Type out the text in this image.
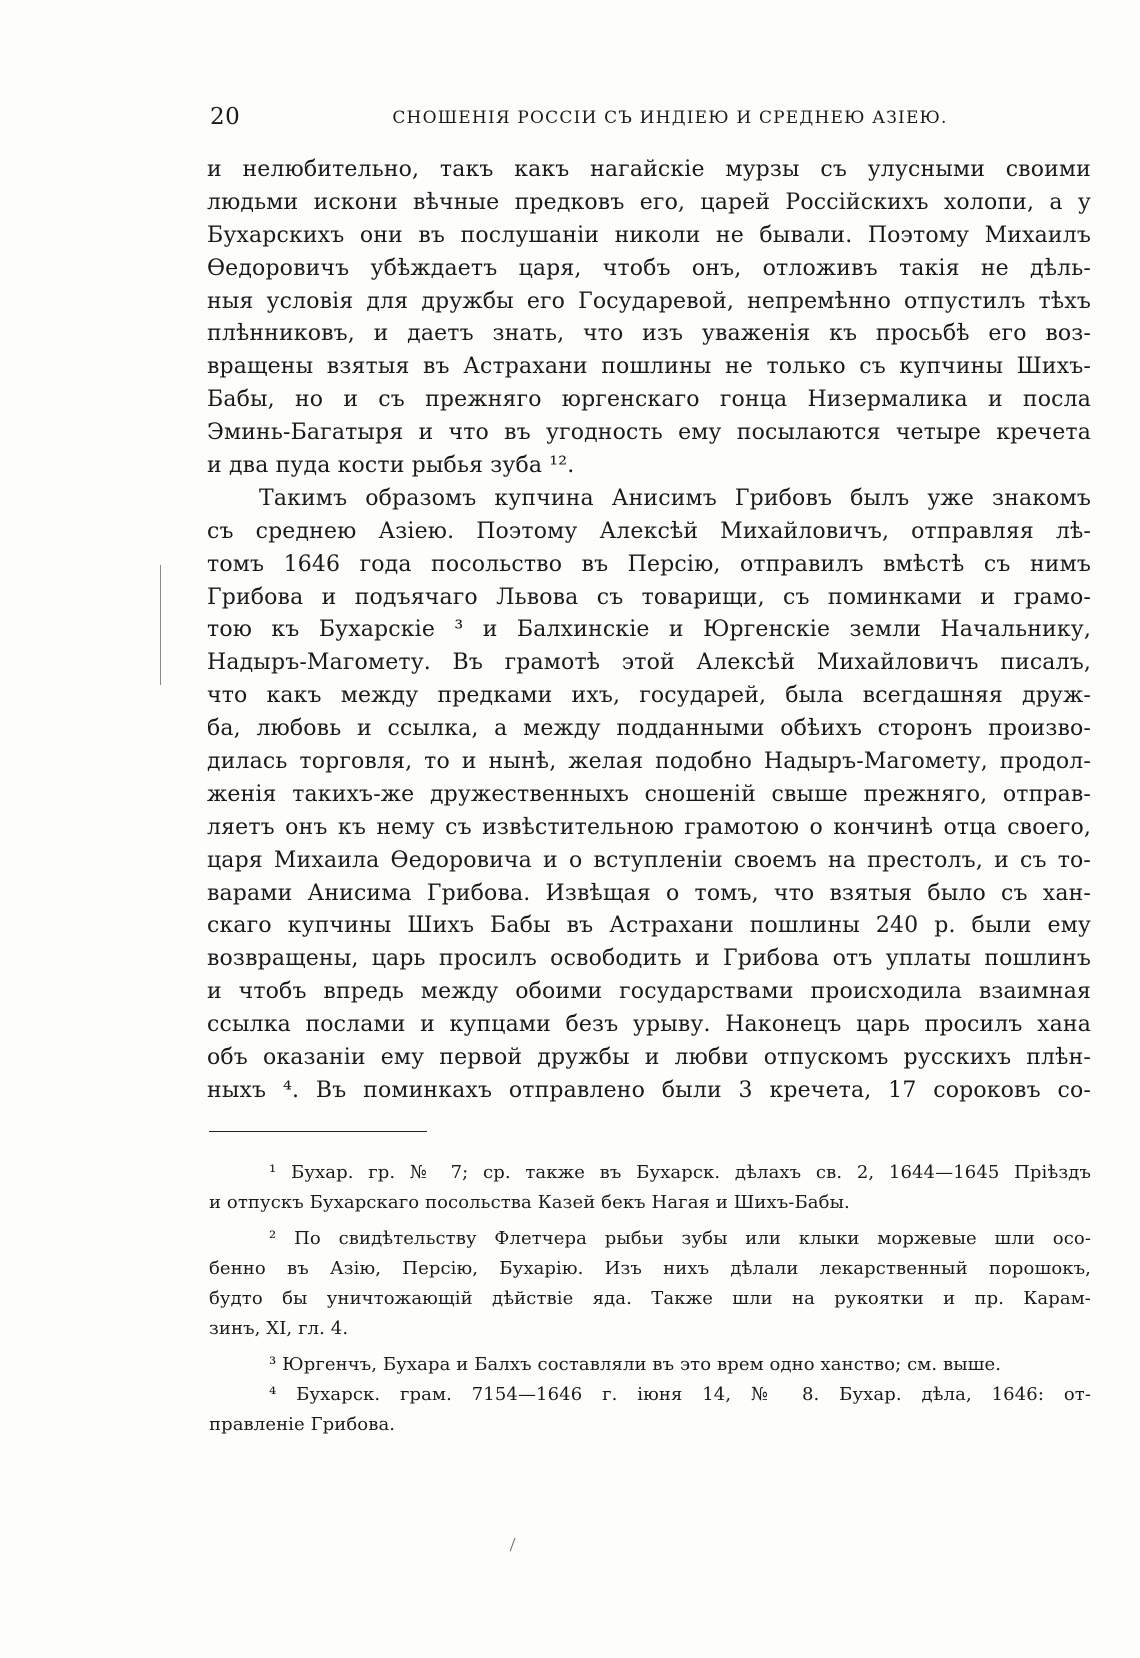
20	СНОШЕНІЯ РОССІИ СЪ ИНДІЕЮ И СРЕДНЕЮ АЗІЕЮ.
и нелюбительно, такъ какъ нагайскіе мурзы съ улусными своими
людьми искони вѣчные предковъ его, царей Россійскихъ холопи, а у
Бухарскихъ они въ послушаніи николи не бывали. Поэтому Михаилъ
Ѳедоровичъ убѣждаетъ царя, чтобъ онъ, отложивъ такія не дѣль-
ныя условія для дружбы его Государевой, непремѣнно отпустилъ тѣхъ
плѣнниковъ, и даетъ знать, что изъ уваженія къ просьбѣ его воз-
вращены взятыя въ Астрахани пошлины не только съ купчины Шихъ-
Бабы, но и съ прежняго юргенскаго гонца Низермалика и посла
Эминь-Багатыря и что въ угодность ему посылаются четыре кречета
и два пуда кости рыбья зуба ¹².
Такимъ образомъ купчина Анисимъ Грибовъ былъ уже знакомъ
съ среднею Азіею. Поэтому Алексѣй Михайловичъ, отправляя лѣ-
томъ 1646 года посольство въ Персію, отправилъ вмѣстѣ съ нимъ
Грибова и подъячаго Львова съ товарищи, съ поминками и грамо-
тою къ Бухарскіе ³ и Балхинскіе и Юргенскіе земли Начальнику,
Надыръ-Магомету. Въ грамотѣ этой Алексѣй Михайловичъ писалъ,
что какъ между предками ихъ, государей, была всегдашняя друж-
ба, любовь и ссылка, а между подданными обѣихъ сторонъ произво-
дилась торговля, то и нынѣ, желая подобно Надыръ-Магомету, продол-
женія такихъ-же дружественныхъ сношеній свыше прежняго, отправ-
ляетъ онъ къ нему съ извѣстительною грамотою о кончинѣ отца своего,
царя Михаила Ѳедоровича и о вступленіи своемъ на престолъ, и съ то-
варами Анисима Грибова. Извѣщая о томъ, что взятыя было съ хан-
скаго купчины Шихъ Бабы въ Астрахани пошлины 240 р. были ему
возвращены, царь просилъ освободить и Грибова отъ уплаты пошлинъ
и чтобъ впредь между обоими государствами происходила взаимная
ссылка послами и купцами безъ урыву. Наконецъ царь просилъ хана
объ оказаніи ему первой дружбы и любви отпускомъ русскихъ плѣн-
ныхъ ⁴. Въ поминкахъ отправлено были 3 кречета, 17 сороковъ со-
¹ Бухар. гр. № 7; ср. также въ Бухарск. дѣлахъ св. 2, 1644—1645 Пріѣздъ
и отпускъ Бухарскаго посольства Казей бекъ Нагая и Шихъ-Бабы.
² По свидѣтельству Флетчера рыбьи зубы или клыки моржевые шли осо-
бенно въ Азію, Персію, Бухарію. Изъ нихъ дѣлали лекарственный порошокъ,
будто бы уничтожающій дѣйствіе яда. Также шли на рукоятки и пр. Карам-
зинъ, XI, гл. 4.
³ Юргенчъ, Бухара и Балхъ составляли въ это врем одно ханство; см. выше.
⁴ Бухарск. грам. 7154—1646 г. іюня 14, № 8. Бухар. дѣла, 1646: от-
правленіе Грибова.
